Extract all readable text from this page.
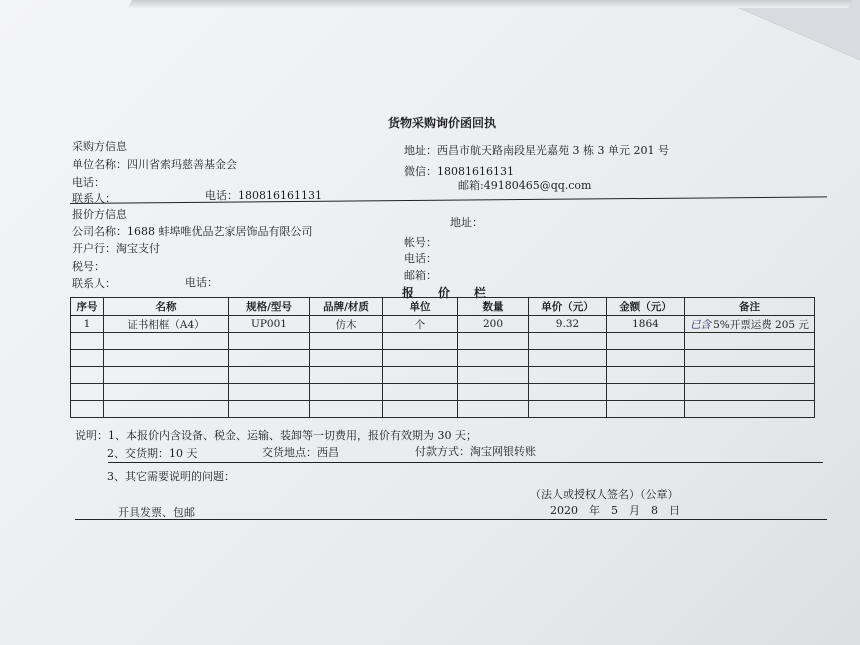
货物采购询价函回执
采购方信息
单位名称：四川省索玛慈善基金会
电话：
联系人：	电话：18081616113​1
地址：西昌市航天路南段星光嘉苑 3 栋 3 单元 201 号
微信：18081616131
邮箱:49180465@qq.com
报价方信息
公司名称：1688 蚌埠唯优品艺家居饰品有限公司
开户行：淘宝支付
税号：
联系人：	电话：
地址：
帐号：
电话：
邮箱：
报　　价　　栏
序号	名称	规格/型号	品牌/材质	单位	数量	单价（元）	金额（元）	备注
1	证书相框（A4）	UP001	仿木	个	200	9.32	1864	已含 5%开票运费 205 元

说明：1、本报价内含设备、税金、运输、装卸等一切费用，报价有效期为 30 天；
2、交货期：10 天	交货地点：西昌	付款方式：淘宝网银转账
3、其它需要说明的问题：
（法人或授权人签名）（公章）
开具发票、包邮	2020　年　5　月　8　日
